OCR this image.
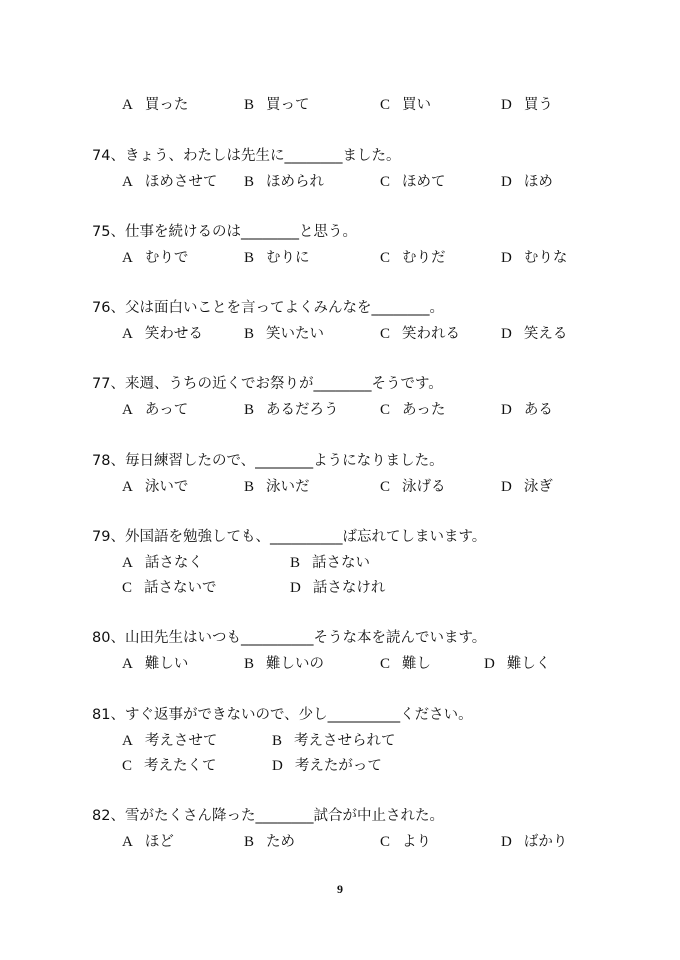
A 買った	B 買って	C 買い	D 買う
74、きょう、わたしは先生に________ました。
A ほめさせて B ほめられ	C ほめて	D ほめ
75、仕事を続けるのは________と思う。
A むりで	B むりに	C むりだ	D むりな
76、父は面白いことを言ってよくみんなを________。
A 笑わせる	B 笑いたい	C 笑われる	D 笑える
77、来週、うちの近くでお祭りが________そうです。
A あって	B あるだろう	C あった	D ある
78、毎日練習したので、________ようになりました。
A 泳いで	B 泳いだ	C 泳げる	D 泳ぎ
79、外国語を勉強しても、__________ば忘れてしまいます。
A 話さなく	B 話さない
C 話さないで	D 話さなけれ
80、山田先生はいつも__________そうな本を読んでいます。
A 難しい	B 難しいの	C 難し	D 難しく
81、すぐ返事ができないので、少し__________ください。
A 考えさせて	B 考えさせられて
C 考えたくて	D 考えたがって
82、雪がたくさん降った________試合が中止された。
A ほど	B ため	C より	D ばかり
9
